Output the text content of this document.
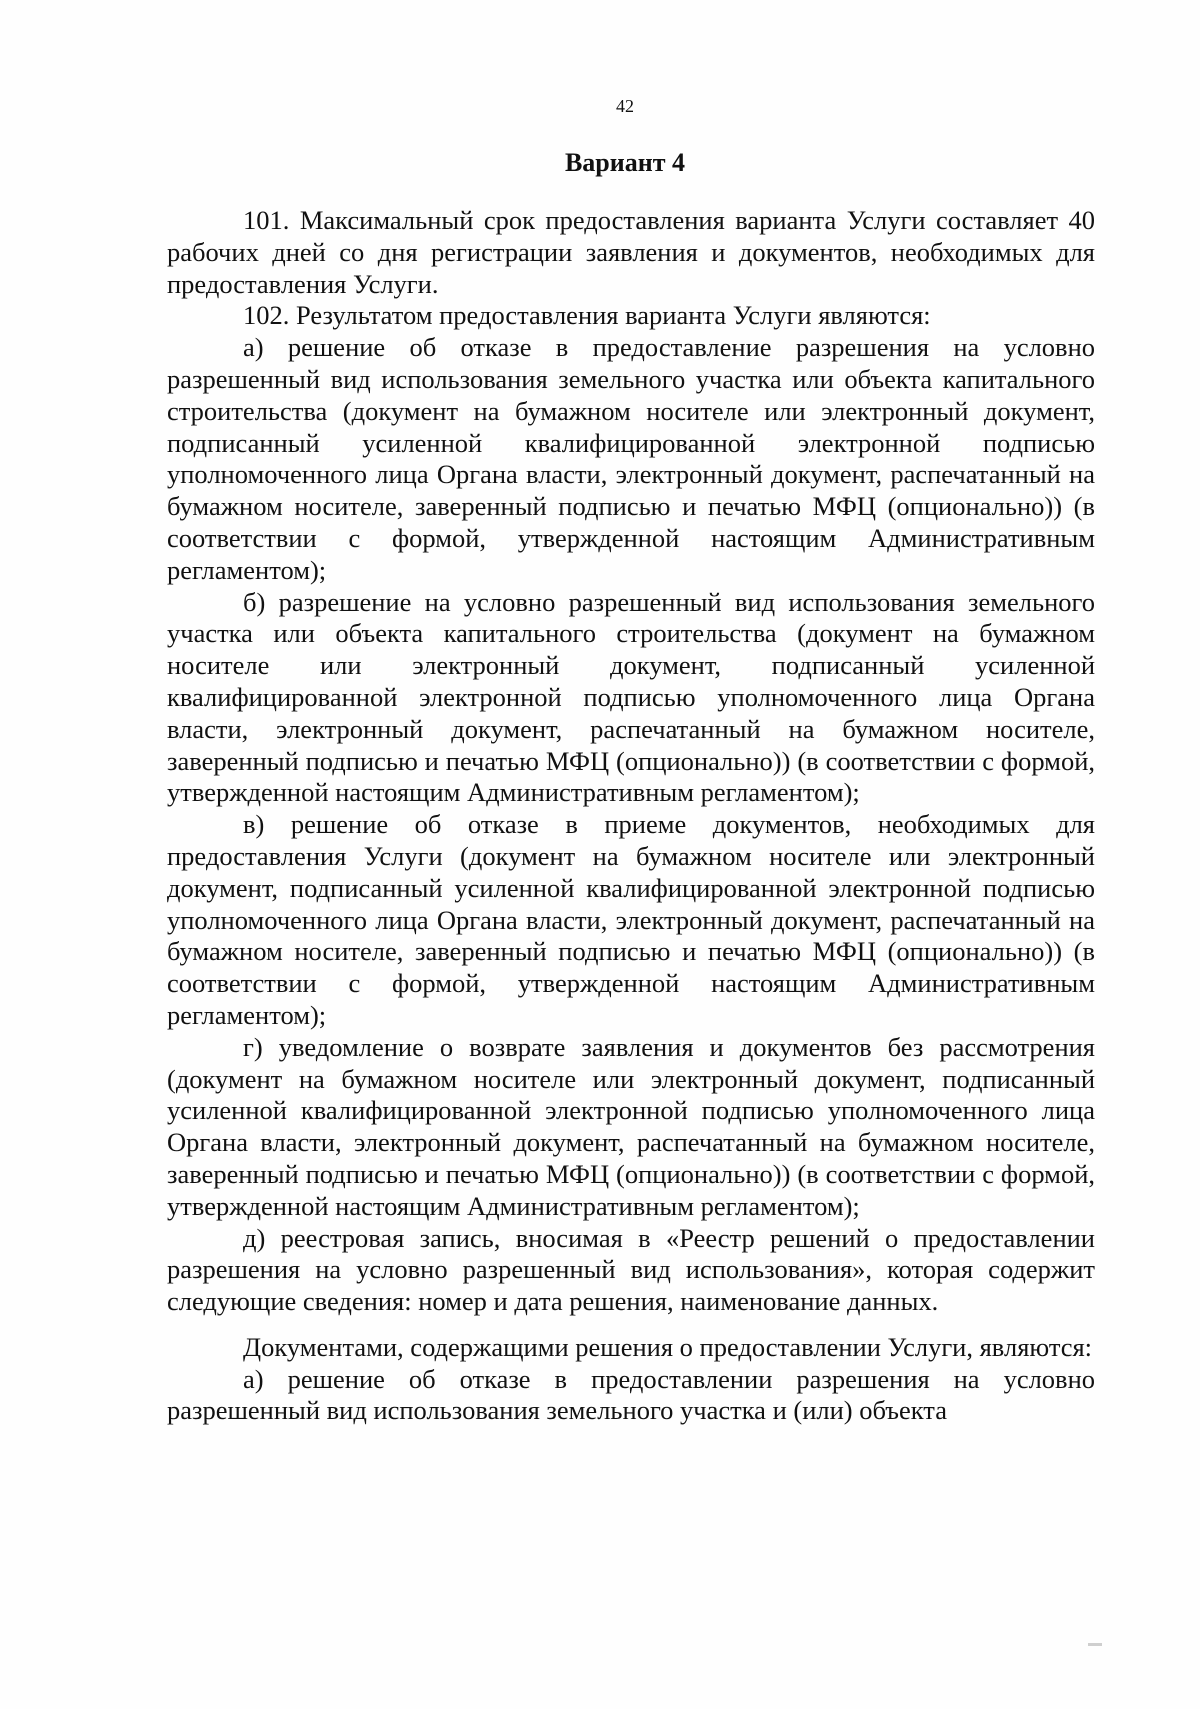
42
Вариант 4

101. Максимальный срок предоставления варианта Услуги составляет 40 рабочих дней со дня регистрации заявления и документов, необходимых для предоставления Услуги.

102. Результатом предоставления варианта Услуги являются:

а) решение об отказе в предоставление разрешения на условно разрешенный вид использования земельного участка или объекта капитального строительства (документ на бумажном носителе или электронный документ, подписанный усиленной квалифицированной электронной подписью уполномоченного лица Органа власти, электронный документ, распечатанный на бумажном носителе, заверенный подписью и печатью МФЦ (опционально)) (в соответствии с формой, утвержденной настоящим Административным регламентом);

б) разрешение на условно разрешенный вид использования земельного участка или объекта капитального строительства (документ на бумажном носителе или электронный документ, подписанный усиленной квалифицированной электронной подписью уполномоченного лица Органа власти, электронный документ, распечатанный на бумажном носителе, заверенный подписью и печатью МФЦ (опционально)) (в соответствии с формой, утвержденной настоящим Административным регламентом);

в) решение об отказе в приеме документов, необходимых для предоставления Услуги (документ на бумажном носителе или электронный документ, подписанный усиленной квалифицированной электронной подписью уполномоченного лица Органа власти, электронный документ, распечатанный на бумажном носителе, заверенный подписью и печатью МФЦ (опционально)) (в соответствии с формой, утвержденной настоящим Административным регламентом);

г) уведомление о возврате заявления и документов без рассмотрения (документ на бумажном носителе или электронный документ, подписанный усиленной квалифицированной электронной подписью уполномоченного лица Органа власти, электронный документ, распечатанный на бумажном носителе, заверенный подписью и печатью МФЦ (опционально)) (в соответствии с формой, утвержденной настоящим Административным регламентом);

д) реестровая запись, вносимая в «Реестр решений о предоставлении разрешения на условно разрешенный вид использования», которая содержит следующие сведения: номер и дата решения, наименование данных.

Документами, содержащими решения о предоставлении Услуги, являются:

а) решение об отказе в предоставлении разрешения на условно разрешенный вид использования земельного участка и (или) объекта
